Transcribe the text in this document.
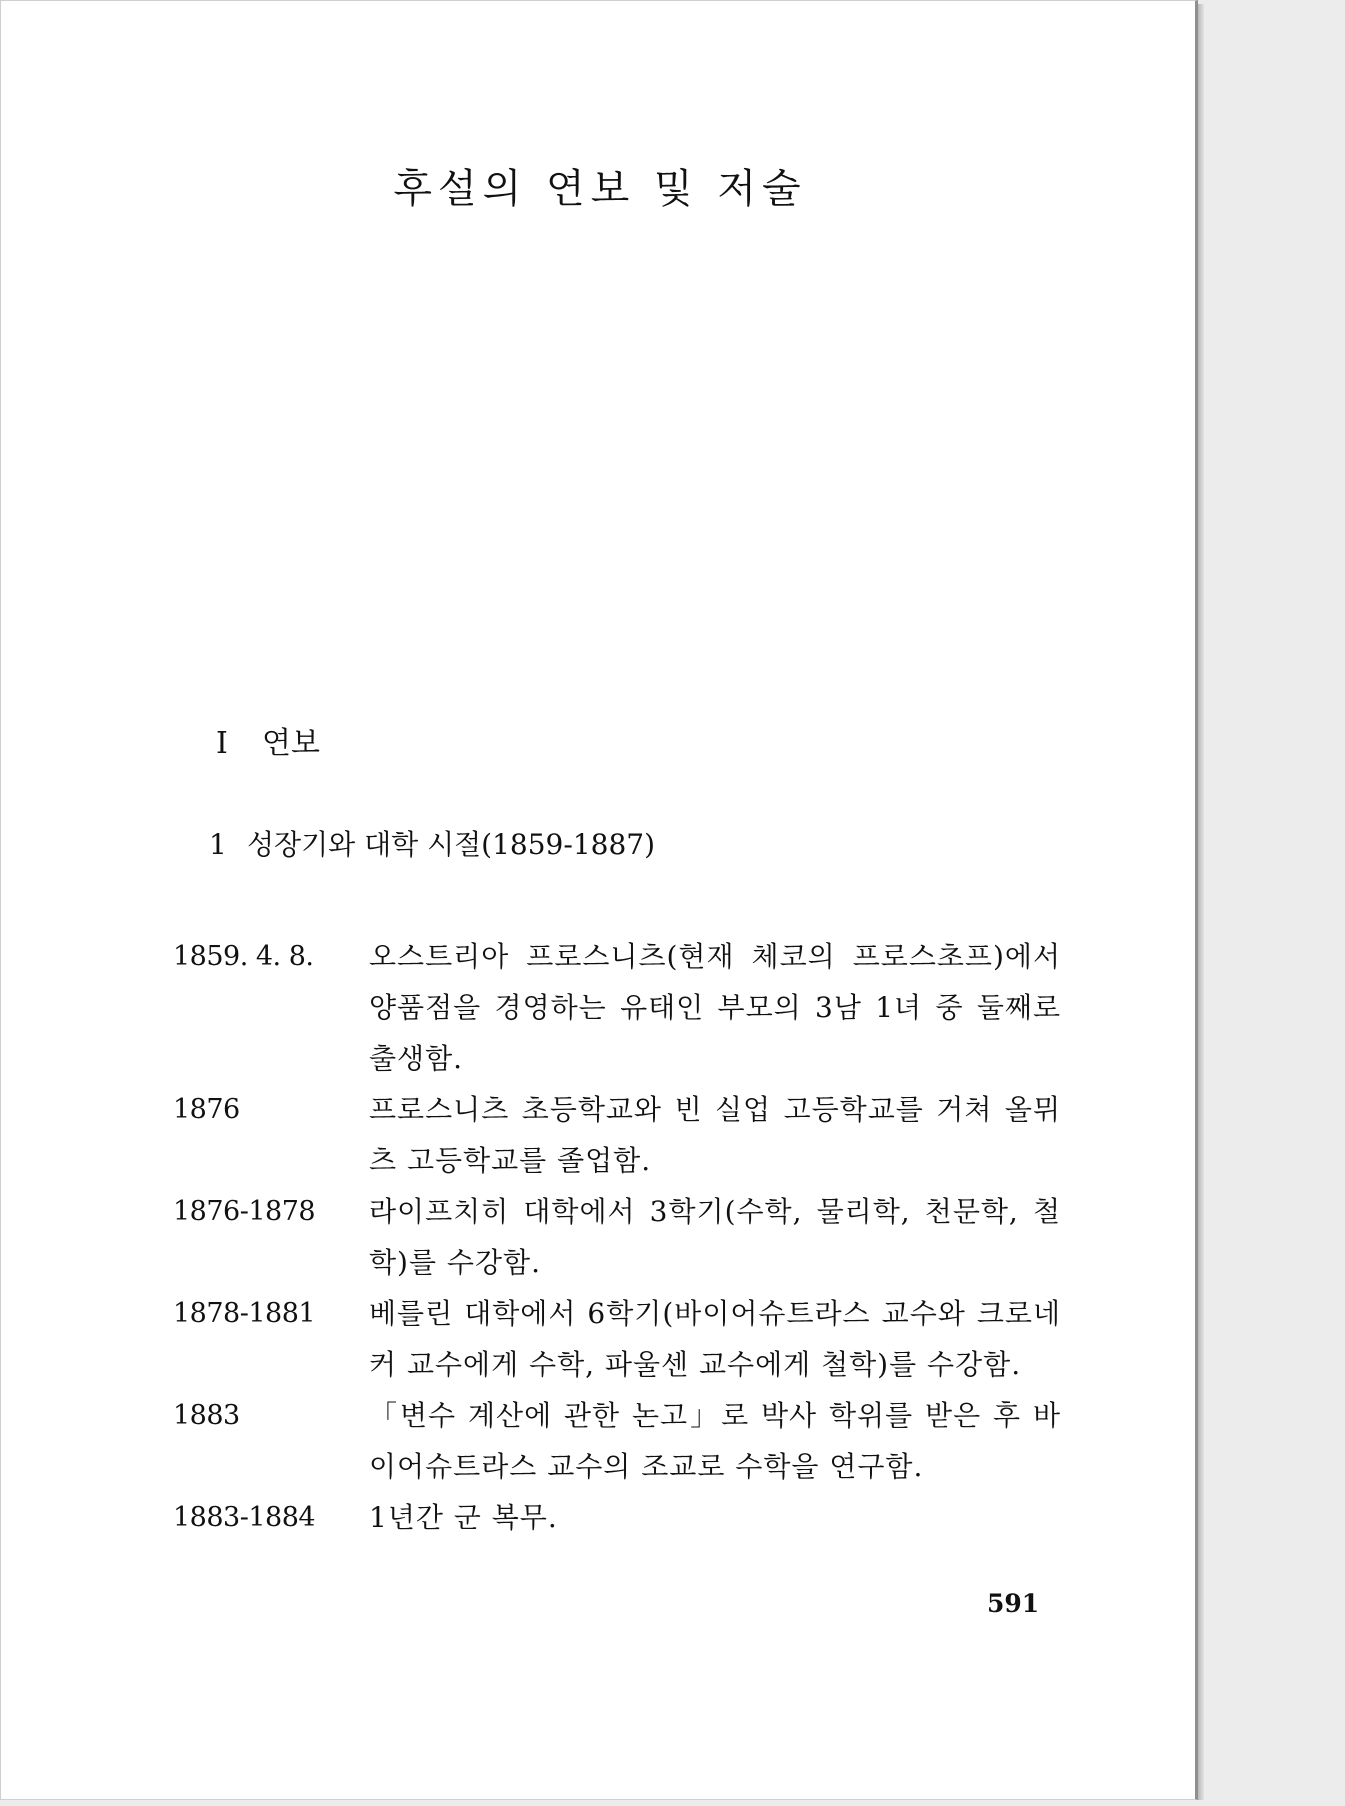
후설의 연보 및 저술
I 연보
1 성장기와 대학 시절(1859-1887)
1859. 4. 8.	오스트리아 프로스니츠(현재 체코의 프로스초프)에서 양품점을 경영하는 유태인 부모의 3남 1녀 중 둘째로 출생함.
1876	프로스니츠 초등학교와 빈 실업 고등학교를 거쳐 올뮈츠 고등학교를 졸업함.
1876-1878	라이프치히 대학에서 3학기(수학, 물리학, 천문학, 철학)를 수강함.
1878-1881	베를린 대학에서 6학기(바이어슈트라스 교수와 크로네커 교수에게 수학, 파울센 교수에게 철학)를 수강함.
1883	「변수 계산에 관한 논고」로 박사 학위를 받은 후 바이어슈트라스 교수의 조교로 수학을 연구함.
1883-1884	1년간 군 복무.
591
